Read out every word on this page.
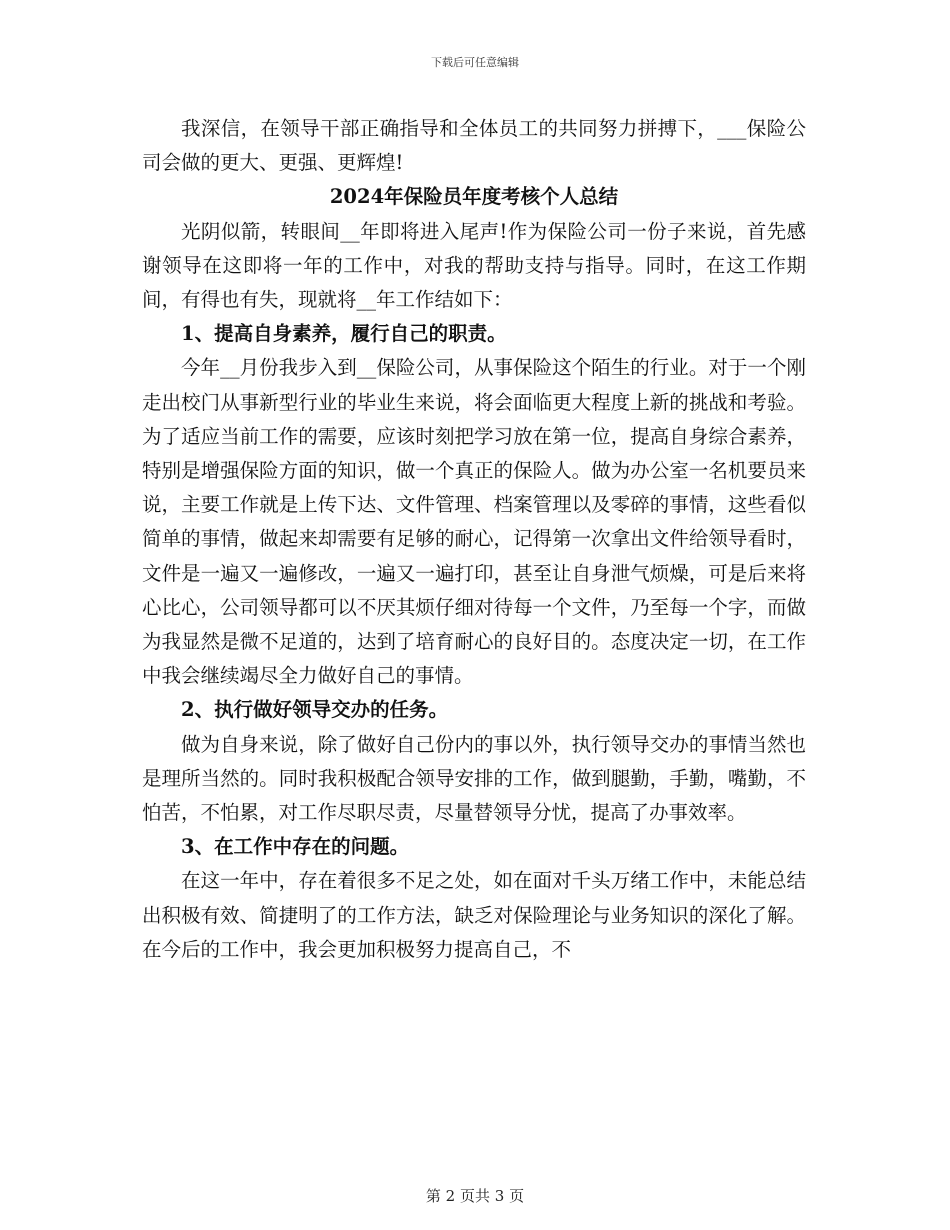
下载后可任意编辑

我深信，在领导干部正确指导和全体员工的共同努力拼搏下，___保险公司会做的更大、更强、更辉煌!

2024年保险员年度考核个人总结

光阴似箭，转眼间__年即将进入尾声!作为保险公司一份子来说，首先感谢领导在这即将一年的工作中，对我的帮助支持与指导。同时，在这工作期间，有得也有失，现就将__年工作结如下：

1、提高自身素养，履行自己的职责。

今年__月份我步入到__保险公司，从事保险这个陌生的行业。对于一个刚走出校门从事新型行业的毕业生来说，将会面临更大程度上新的挑战和考验。为了适应当前工作的需要，应该时刻把学习放在第一位，提高自身综合素养，特别是增强保险方面的知识，做一个真正的保险人。做为办公室一名机要员来说，主要工作就是上传下达、文件管理、档案管理以及零碎的事情，这些看似简单的事情，做起来却需要有足够的耐心，记得第一次拿出文件给领导看时，文件是一遍又一遍修改，一遍又一遍打印，甚至让自身泄气烦燥，可是后来将心比心，公司领导都可以不厌其烦仔细对待每一个文件，乃至每一个字，而做为我显然是微不足道的，达到了培育耐心的良好目的。态度决定一切，在工作中我会继续竭尽全力做好自己的事情。

2、执行做好领导交办的任务。

做为自身来说，除了做好自己份内的事以外，执行领导交办的事情当然也是理所当然的。同时我积极配合领导安排的工作，做到腿勤，手勤，嘴勤，不怕苦，不怕累，对工作尽职尽责，尽量替领导分忧，提高了办事效率。

3、在工作中存在的问题。

在这一年中，存在着很多不足之处，如在面对千头万绪工作中，未能总结出积极有效、简捷明了的工作方法，缺乏对保险理论与业务知识的深化了解。在今后的工作中，我会更加积极努力提高自己，不

第 2 页共 3 页
